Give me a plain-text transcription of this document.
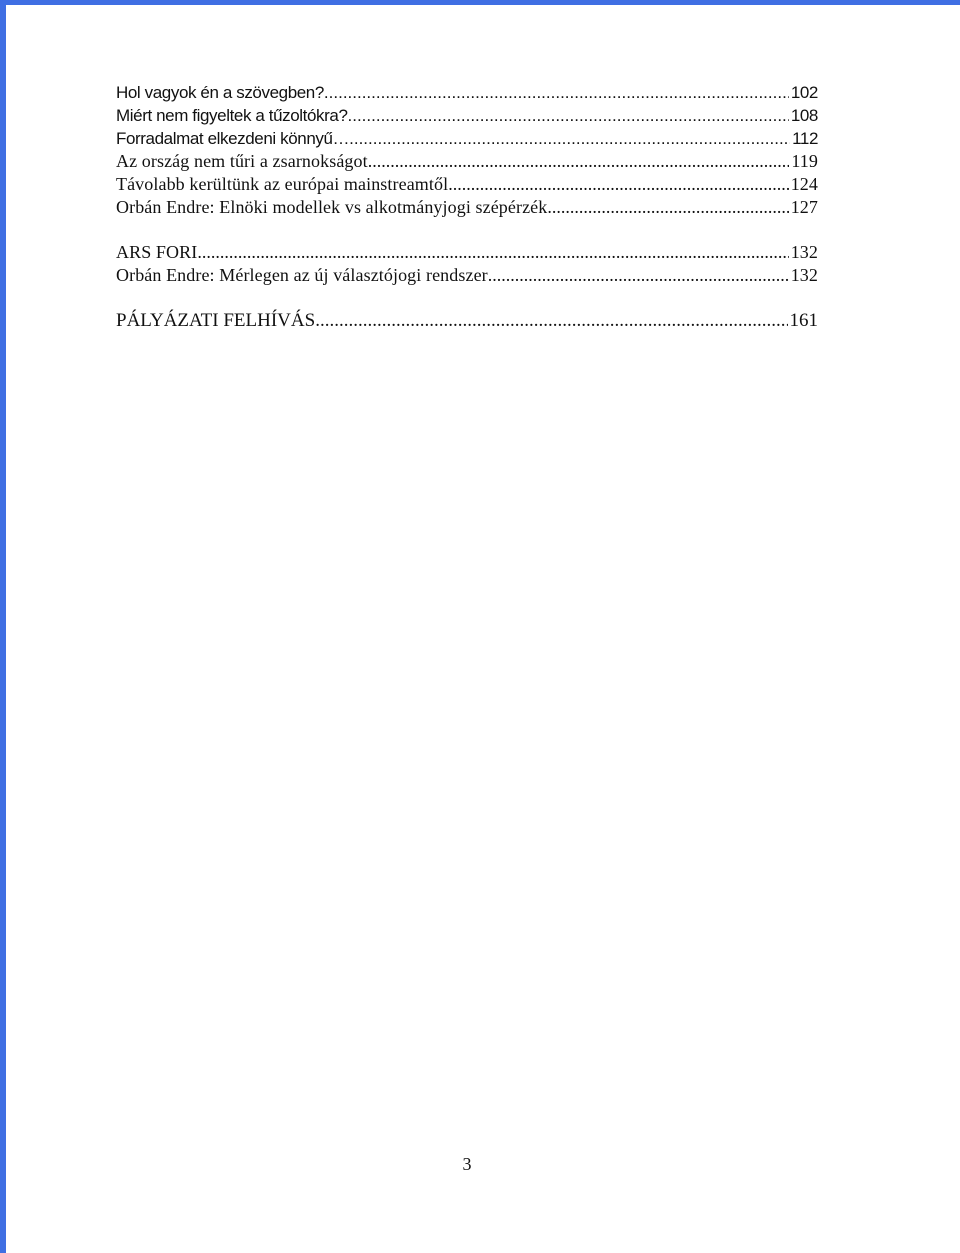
Hol vagyok én a szövegben? .....	102
Miért nem figyeltek a tűzoltókra? .....	108
Forradalmat elkezdeni könnyű… .....	112
Az ország nem tűri a zsarnokságot .....	119
Távolabb kerültünk az európai mainstreamtől .....	124
Orbán Endre: Elnöki modellek vs alkotmányjogi szépérzék .....	127
ARS FORI .....	132
Orbán Endre: Mérlegen az új választójogi rendszer .....	132
PÁLYÁZATI FELHÍVÁS .....	161
3
